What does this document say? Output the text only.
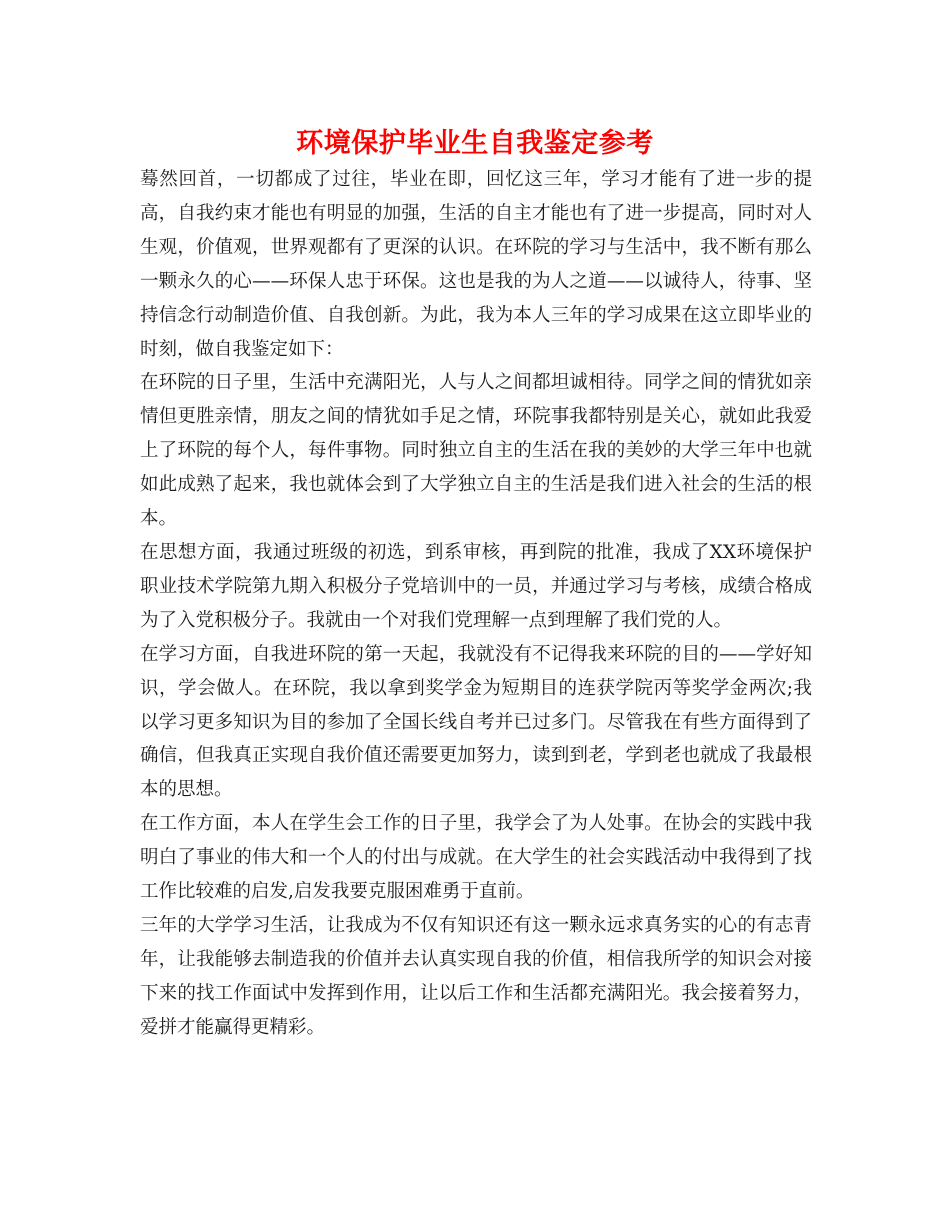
环境保护毕业生自我鉴定参考

蓦然回首，一切都成了过往，毕业在即，回忆这三年，学习才能有了进一步的提高，自我约束才能也有明显的加强，生活的自主才能也有了进一步提高，同时对人生观，价值观，世界观都有了更深的认识。在环院的学习与生活中，我不断有那么一颗永久的心——环保人忠于环保。这也是我的为人之道——以诚待人，待事、坚持信念行动制造价值、自我创新。为此，我为本人三年的学习成果在这立即毕业的时刻，做自我鉴定如下：

在环院的日子里，生活中充满阳光，人与人之间都坦诚相待。同学之间的情犹如亲情但更胜亲情，朋友之间的情犹如手足之情，环院事我都特别是关心，就如此我爱上了环院的每个人，每件事物。同时独立自主的生活在我的美妙的大学三年中也就如此成熟了起来，我也就体会到了大学独立自主的生活是我们进入社会的生活的根本。

在思想方面，我通过班级的初选，到系审核，再到院的批准，我成了XX环境保护职业技术学院第九期入积极分子党培训中的一员，并通过学习与考核，成绩合格成为了入党积极分子。我就由一个对我们党理解一点到理解了我们党的人。

在学习方面，自我进环院的第一天起，我就没有不记得我来环院的目的——学好知识，学会做人。在环院，我以拿到奖学金为短期目的连获学院丙等奖学金两次;我以学习更多知识为目的参加了全国长线自考并已过多门。尽管我在有些方面得到了确信，但我真正实现自我价值还需要更加努力，读到到老，学到老也就成了我最根本的思想。

在工作方面，本人在学生会工作的日子里，我学会了为人处事。在协会的实践中我明白了事业的伟大和一个人的付出与成就。在大学生的社会实践活动中我得到了找工作比较难的启发,启发我要克服困难勇于直前。

三年的大学学习生活，让我成为不仅有知识还有这一颗永远求真务实的心的有志青年，让我能够去制造我的价值并去认真实现自我的价值，相信我所学的知识会对接下来的找工作面试中发挥到作用，让以后工作和生活都充满阳光。我会接着努力，爱拼才能赢得更精彩。
